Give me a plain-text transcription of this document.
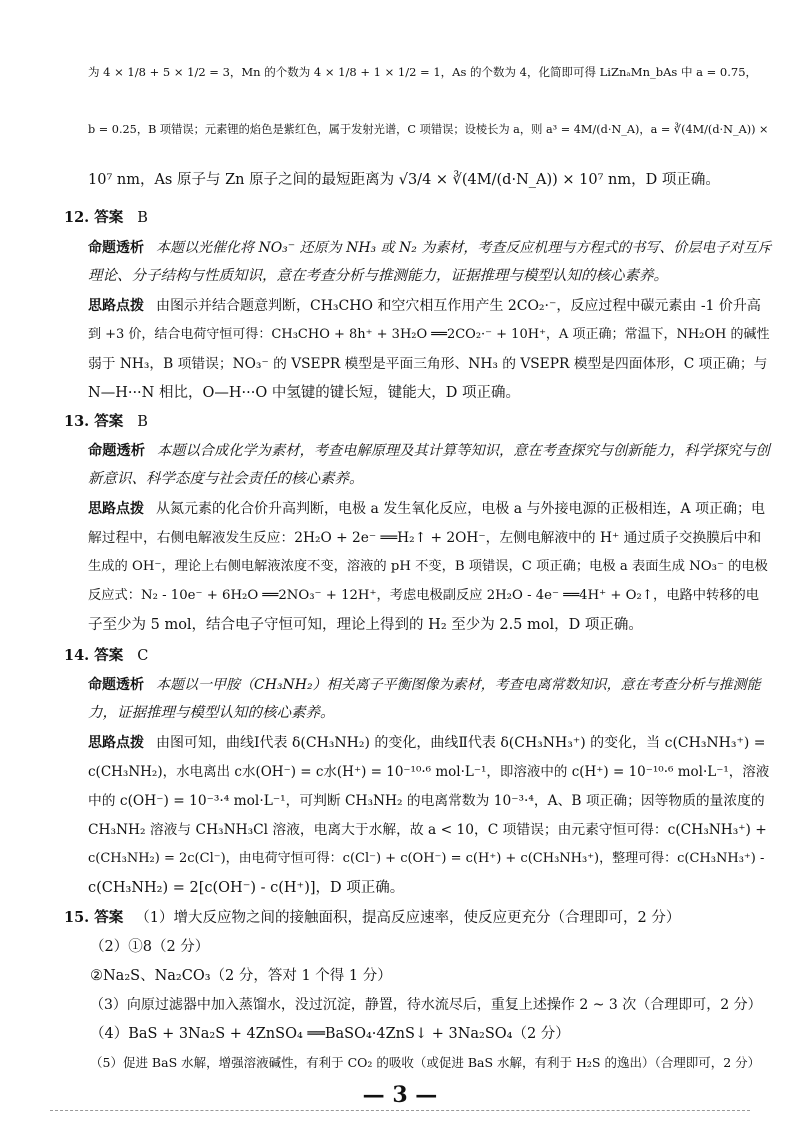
为 4 × 1/8 + 5 × 1/2 = 3，Mn 的个数为 4 × 1/8 + 1 × 1/2 = 1，As 的个数为 4，化简即可得 LiZnₐMn_bAs 中 a = 0.75，
b = 0.25，B 项错误；元素锂的焰色是紫红色，属于发射光谱，C 项错误；设棱长为 a，则 a³ = 4M/(d·N_A)，a = ∛(4M/(d·N_A)) ×
10⁷ nm，As 原子与 Zn 原子之间的最短距离为 √3/4 × ∛(4M/(d·N_A)) × 10⁷ nm，D 项正确。
12. 答案 B
命题透析 本题以光催化将 NO₃⁻ 还原为 NH₃ 或 N₂ 为素材，考查反应机理与方程式的书写、价层电子对互斥
理论、分子结构与性质知识，意在考查分析与推测能力，证据推理与模型认知的核心素养。
思路点拨 由图示并结合题意判断，CH₃CHO 和空穴相互作用产生 2CO₂·⁻，反应过程中碳元素由 -1 价升高
到 +3 价，结合电荷守恒可得：CH₃CHO + 8h⁺ + 3H₂O ══2CO₂·⁻ + 10H⁺，A 项正确；常温下，NH₂OH 的碱性
弱于 NH₃，B 项错误；NO₃⁻ 的 VSEPR 模型是平面三角形、NH₃ 的 VSEPR 模型是四面体形，C 项正确；与
N—H···N 相比，O—H···O 中氢键的键长短，键能大，D 项正确。
13. 答案 B
命题透析 本题以合成化学为素材，考查电解原理及其计算等知识，意在考查探究与创新能力，科学探究与创
新意识、科学态度与社会责任的核心素养。
思路点拨 从氮元素的化合价升高判断，电极 a 发生氧化反应，电极 a 与外接电源的正极相连，A 项正确；电
解过程中，右侧电解液发生反应：2H₂O + 2e⁻ ══H₂↑ + 2OH⁻，左侧电解液中的 H⁺ 通过质子交换膜后中和
生成的 OH⁻，理论上右侧电解液浓度不变，溶液的 pH 不变，B 项错误，C 项正确；电极 a 表面生成 NO₃⁻ 的电极
反应式：N₂ - 10e⁻ + 6H₂O ══2NO₃⁻ + 12H⁺，考虑电极副反应 2H₂O - 4e⁻ ══4H⁺ + O₂↑，电路中转移的电
子至少为 5 mol，结合电子守恒可知，理论上得到的 H₂ 至少为 2.5 mol，D 项正确。
14. 答案 C
命题透析 本题以一甲胺（CH₃NH₂）相关离子平衡图像为素材，考查电离常数知识，意在考查分析与推测能
力，证据推理与模型认知的核心素养。
思路点拨 由图可知，曲线Ⅰ代表 δ(CH₃NH₂) 的变化，曲线Ⅱ代表 δ(CH₃NH₃⁺) 的变化，当 c(CH₃NH₃⁺) =
c(CH₃NH₂)，水电离出 c水(OH⁻) = c水(H⁺) = 10⁻¹⁰·⁶ mol·L⁻¹，即溶液中的 c(H⁺) = 10⁻¹⁰·⁶ mol·L⁻¹，溶液
中的 c(OH⁻) = 10⁻³·⁴ mol·L⁻¹，可判断 CH₃NH₂ 的电离常数为 10⁻³·⁴，A、B 项正确；因等物质的量浓度的
CH₃NH₂ 溶液与 CH₃NH₃Cl 溶液，电离大于水解，故 a < 10，C 项错误；由元素守恒可得：c(CH₃NH₃⁺) +
c(CH₃NH₂) = 2c(Cl⁻)，由电荷守恒可得：c(Cl⁻) + c(OH⁻) = c(H⁺) + c(CH₃NH₃⁺)，整理可得：c(CH₃NH₃⁺) -
c(CH₃NH₂) = 2[c(OH⁻) - c(H⁺)]，D 项正确。
15. 答案 （1）增大反应物之间的接触面积，提高反应速率，使反应更充分（合理即可，2 分）
（2）①8（2 分）
②Na₂S、Na₂CO₃（2 分，答对 1 个得 1 分）
（3）向原过滤器中加入蒸馏水，没过沉淀，静置，待水流尽后，重复上述操作 2 ~ 3 次（合理即可，2 分）
（4）BaS + 3Na₂S + 4ZnSO₄ ══BaSO₄·4ZnS↓ + 3Na₂SO₄（2 分）
（5）促进 BaS 水解，增强溶液碱性，有利于 CO₂ 的吸收（或促进 BaS 水解，有利于 H₂S 的逸出）（合理即可，2 分）
— 3 —
